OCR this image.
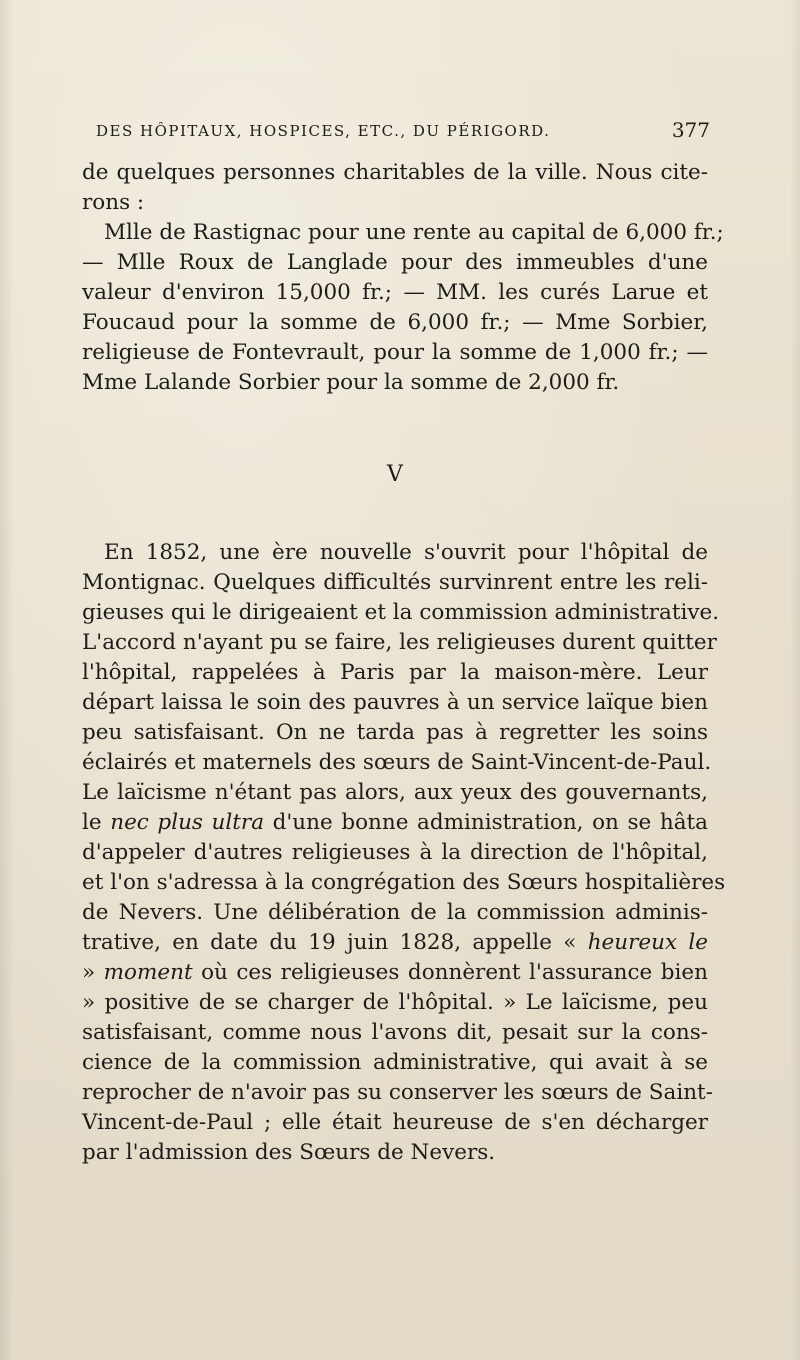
DES HÔPITAUX, HOSPICES, ETC., DU PÉRIGORD.	377
de quelques personnes charitables de la ville. Nous cite-
rons :
Mlle de Rastignac pour une rente au capital de 6,000 fr.;
— Mlle Roux de Langlade pour des immeubles d'une
valeur d'environ 15,000 fr.; — MM. les curés Larue et
Foucaud pour la somme de 6,000 fr.; — Mme Sorbier,
religieuse de Fontevrault, pour la somme de 1,000 fr.; —
Mme Lalande Sorbier pour la somme de 2,000 fr.
V
En 1852, une ère nouvelle s'ouvrit pour l'hôpital de
Montignac. Quelques difficultés survinrent entre les reli-
gieuses qui le dirigeaient et la commission administrative.
L'accord n'ayant pu se faire, les religieuses durent quitter
l'hôpital, rappelées à Paris par la maison-mère. Leur
départ laissa le soin des pauvres à un service laïque bien
peu satisfaisant. On ne tarda pas à regretter les soins
éclairés et maternels des sœurs de Saint-Vincent-de-Paul.
Le laïcisme n'étant pas alors, aux yeux des gouvernants,
le nec plus ultra d'une bonne administration, on se hâta
d'appeler d'autres religieuses à la direction de l'hôpital,
et l'on s'adressa à la congrégation des Sœurs hospitalières
de Nevers. Une délibération de la commission adminis-
trative, en date du 19 juin 1828, appelle « heureux le
» moment où ces religieuses donnèrent l'assurance bien
» positive de se charger de l'hôpital. » Le laïcisme, peu
satisfaisant, comme nous l'avons dit, pesait sur la cons-
cience de la commission administrative, qui avait à se
reprocher de n'avoir pas su conserver les sœurs de Saint-
Vincent-de-Paul ; elle était heureuse de s'en décharger
par l'admission des Sœurs de Nevers.
